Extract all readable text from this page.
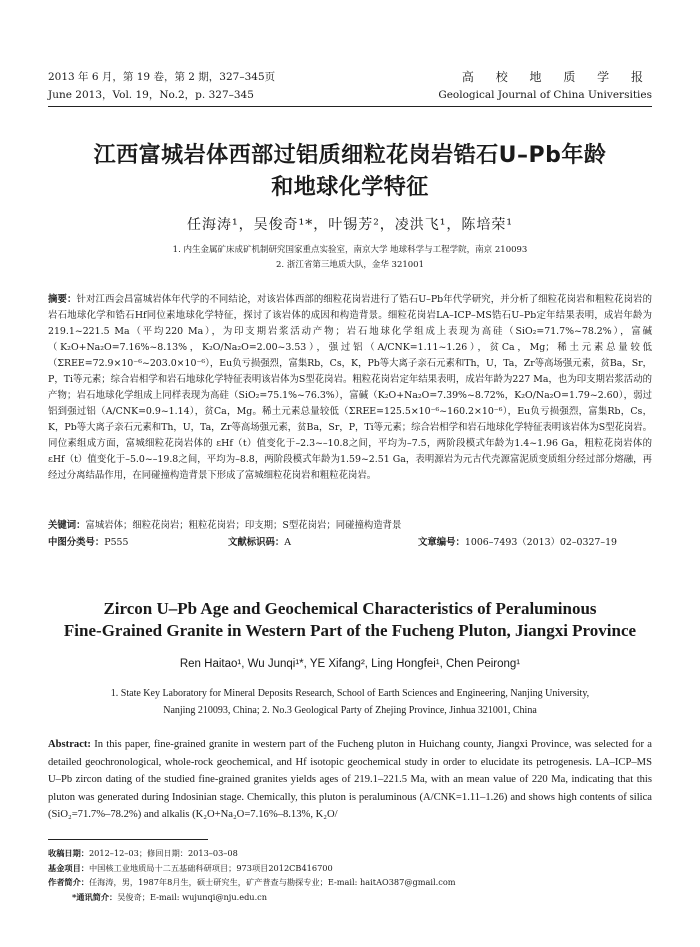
2013 年 6 月，第 19 卷，第 2 期，327–345页
June 2013，Vol. 19，No.2，p. 327–345
高 校 地 质 学 报
Geological Journal of China Universities
江西富城岩体西部过铝质细粒花岗岩锆石U–Pb年龄
和地球化学特征
任海涛¹，吴俊奇¹*，叶锡芳²，凌洪飞¹，陈培荣¹
1. 内生金属矿床成矿机制研究国家重点实验室，南京大学 地球科学与工程学院，南京 210093
2. 浙江省第三地质大队，金华 321001
摘要：针对江西会昌富城岩体年代学的不同结论，对该岩体西部的细粒花岗岩进行了锆石U–Pb年代学研究，并分析了细粒花岗岩和粗粒花岗岩的岩石地球化学和锆石Hf同位素地球化学特征，探讨了该岩体的成因和构造背景。细粒花岗岩LA–ICP–MS锆石U–Pb定年结果表明，成岩年龄为219.1~221.5 Ma（平均220 Ma），为印支期岩浆活动产物；岩石地球化学组成上表现为高硅（SiO₂=71.7%~78.2%），富碱（K₂O+Na₂O=7.16%~8.13%，K₂O/Na₂O=2.00~3.53），强过铝（A/CNK=1.11~1.26），贫Ca，Mg；稀土元素总量较低（ΣREE=72.9×10⁻⁶~203.0×10⁻⁶），Eu负亏损强烈，富集Rb，Cs，K，Pb等大离子亲石元素和Th，U，Ta，Zr等高场强元素，贫Ba，Sr，P，Ti等元素；综合岩相学和岩石地球化学特征表明该岩体为S型花岗岩。粗粒花岗岩定年结果表明，成岩年龄为227 Ma，也为印支期岩浆活动的产物；岩石地球化学组成上同样表现为高硅（SiO₂=75.1%~76.3%），富碱（K₂O+Na₂O=7.39%~8.72%，K₂O/Na₂O=1.79~2.60），弱过铝到强过铝（A/CNK=0.9~1.14），贫Ca，Mg。稀土元素总量较低（ΣREE=125.5×10⁻⁶~160.2×10⁻⁶），Eu负亏损强烈，富集Rb，Cs，K，Pb等大离子亲石元素和Th，U，Ta，Zr等高场强元素，贫Ba，Sr，P，Ti等元素；综合岩相学和岩石地球化学特征表明该岩体为S型花岗岩。同位素组成方面，富城细粒花岗岩体的 εHf（t）值变化于–2.3~–10.8之间，平均为–7.5，两阶段模式年龄为1.4~1.96 Ga，粗粒花岗岩体的 εHf（t）值变化于–5.0~–19.8之间，平均为–8.8，两阶段模式年龄为1.59~2.51 Ga，表明源岩为元古代壳源富泥质变质组分经过部分熔融，再经过分离结晶作用，在同碰撞构造背景下形成了富城细粒花岗岩和粗粒花岗岩。
关键词：富城岩体；细粒花岗岩；粗粒花岗岩；印支期；S型花岗岩；同碰撞构造背景
中图分类号：P555	文献标识码：A	文章编号：1006–7493（2013）02–0327–19
Zircon U–Pb Age and Geochemical Characteristics of Peraluminous
Fine-Grained Granite in Western Part of the Fucheng Pluton, Jiangxi Province
Ren Haitao¹, Wu Junqi¹*, YE Xifang², Ling Hongfei¹, Chen Peirong¹
1. State Key Laboratory for Mineral Deposits Research, School of Earth Sciences and Engineering, Nanjing University,
Nanjing 210093, China; 2. No.3 Geological Party of Zhejing Province, Jinhua 321001, China
Abstract: In this paper, fine-grained granite in western part of the Fucheng pluton in Huichang county, Jiangxi Province, was selected for a detailed geochronological, whole-rock geochemical, and Hf isotopic geochemical study in order to elucidate its petrogenesis. LA–ICP–MS U–Pb zircon dating of the studied fine-grained granites yields ages of 219.1–221.5 Ma, with an mean value of 220 Ma, indicating that this pluton was generated during Indosinian stage. Chemically, this pluton is peraluminous (A/CNK=1.11–1.26) and shows high contents of silica (SiO₂=71.7%–78.2%) and alkalis (K₂O+Na₂O=7.16%–8.13%, K₂O/
收稿日期：2012–12–03；修回日期：2013–03–08
基金项目：中国核工业地质局十二五基础科研项目；973项目2012CB416700
作者简介：任海涛，男，1987年8月生，硕士研究生，矿产普查与勘探专业；E-mail: haitAO387@gmail.com
*通讯简介：吴俊奇；E-mail: wujunqi@nju.edu.cn
